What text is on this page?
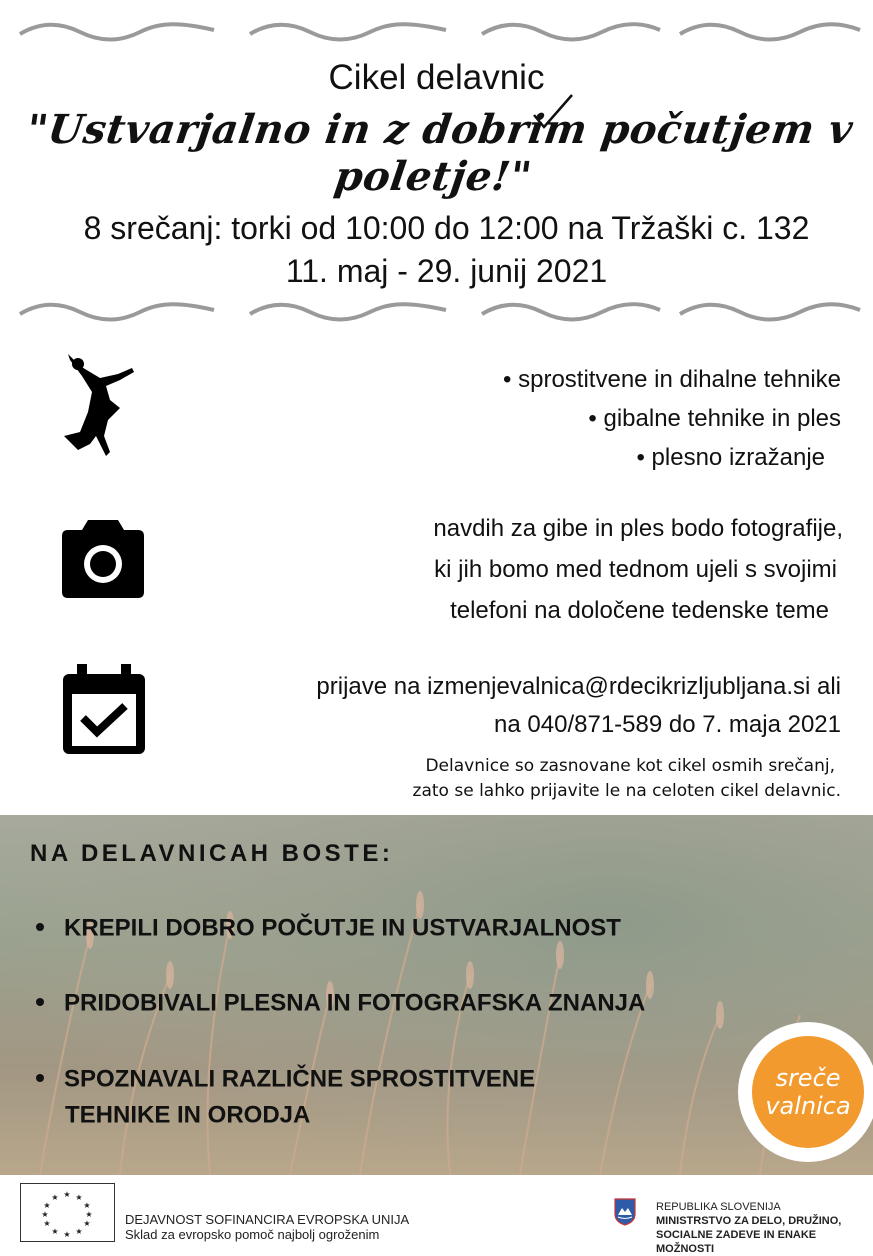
Cikel delavnic
"Ustvarjalno in z dobrim počutjem v poletje!"
8 srečanj: torki od 10:00 do 12:00 na Tržaški c. 132
11. maj - 29. junij 2021
• sprostitvene in dihalne tehnike
• gibalne tehnike in ples
• plesno izražanje
navdih za gibe in ples bodo fotografije,
ki jih bomo med tednom ujeli s svojimi
telefoni na določene tedenske teme
prijave na izmenjevalnica@rdecikrizljubljana.si ali
na 040/871-589 do 7. maja 2021
Delavnice so zasnovane kot cikel osmih srečanj,
zato se lahko prijavite le na celoten cikel delavnic.
NA DELAVNICAH BOSTE:
KREPILI DOBRO POČUTJE IN USTVARJALNOST
PRIDOBIVALI PLESNA IN FOTOGRAFSKA ZNANJA
SPOZNAVALI RAZLIČNE SPROSTITVENE
TEHNIKE IN ORODJA
sreče
valnica
★ ★
★
★
★
★
★
★
★
★
★
★
DEJAVNOST SOFINANCIRA EVROPSKA UNIJA
Sklad za evropsko pomoč najbolj ogroženim
REPUBLIKA SLOVENIJA
MINISTRSTVO ZA DELO, DRUŽINO,
SOCIALNE ZADEVE IN ENAKE MOŽNOSTI
